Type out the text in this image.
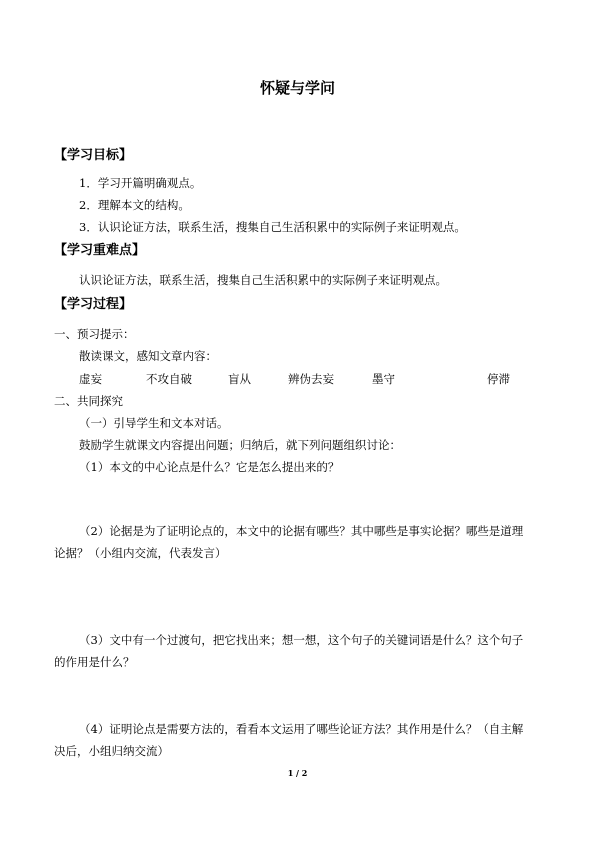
怀疑与学问
【学习目标】
1．学习开篇明确观点。
2．理解本文的结构。
3．认识论证方法，联系生活，搜集自己生活积累中的实际例子来证明观点。
【学习重难点】
认识论证方法，联系生活，搜集自己生活积累中的实际例子来证明观点。
【学习过程】
一、预习提示：
散读课文，感知文章内容：
虚妄	不攻自破	盲从	辨伪去妄	墨守	停滞
二、共同探究
（一）引导学生和文本对话。
鼓励学生就课文内容提出问题；归纳后，就下列问题组织讨论：
（1）本文的中心论点是什么？它是怎么提出来的？
（2）论据是为了证明论点的，本文中的论据有哪些？其中哪些是事实论据？哪些是道理
论据？（小组内交流，代表发言）
（3）文中有一个过渡句，把它找出来；想一想，这个句子的关键词语是什么？这个句子
的作用是什么？
（4）证明论点是需要方法的，看看本文运用了哪些论证方法？其作用是什么？（自主解
决后，小组归纳交流）
1 / 2
